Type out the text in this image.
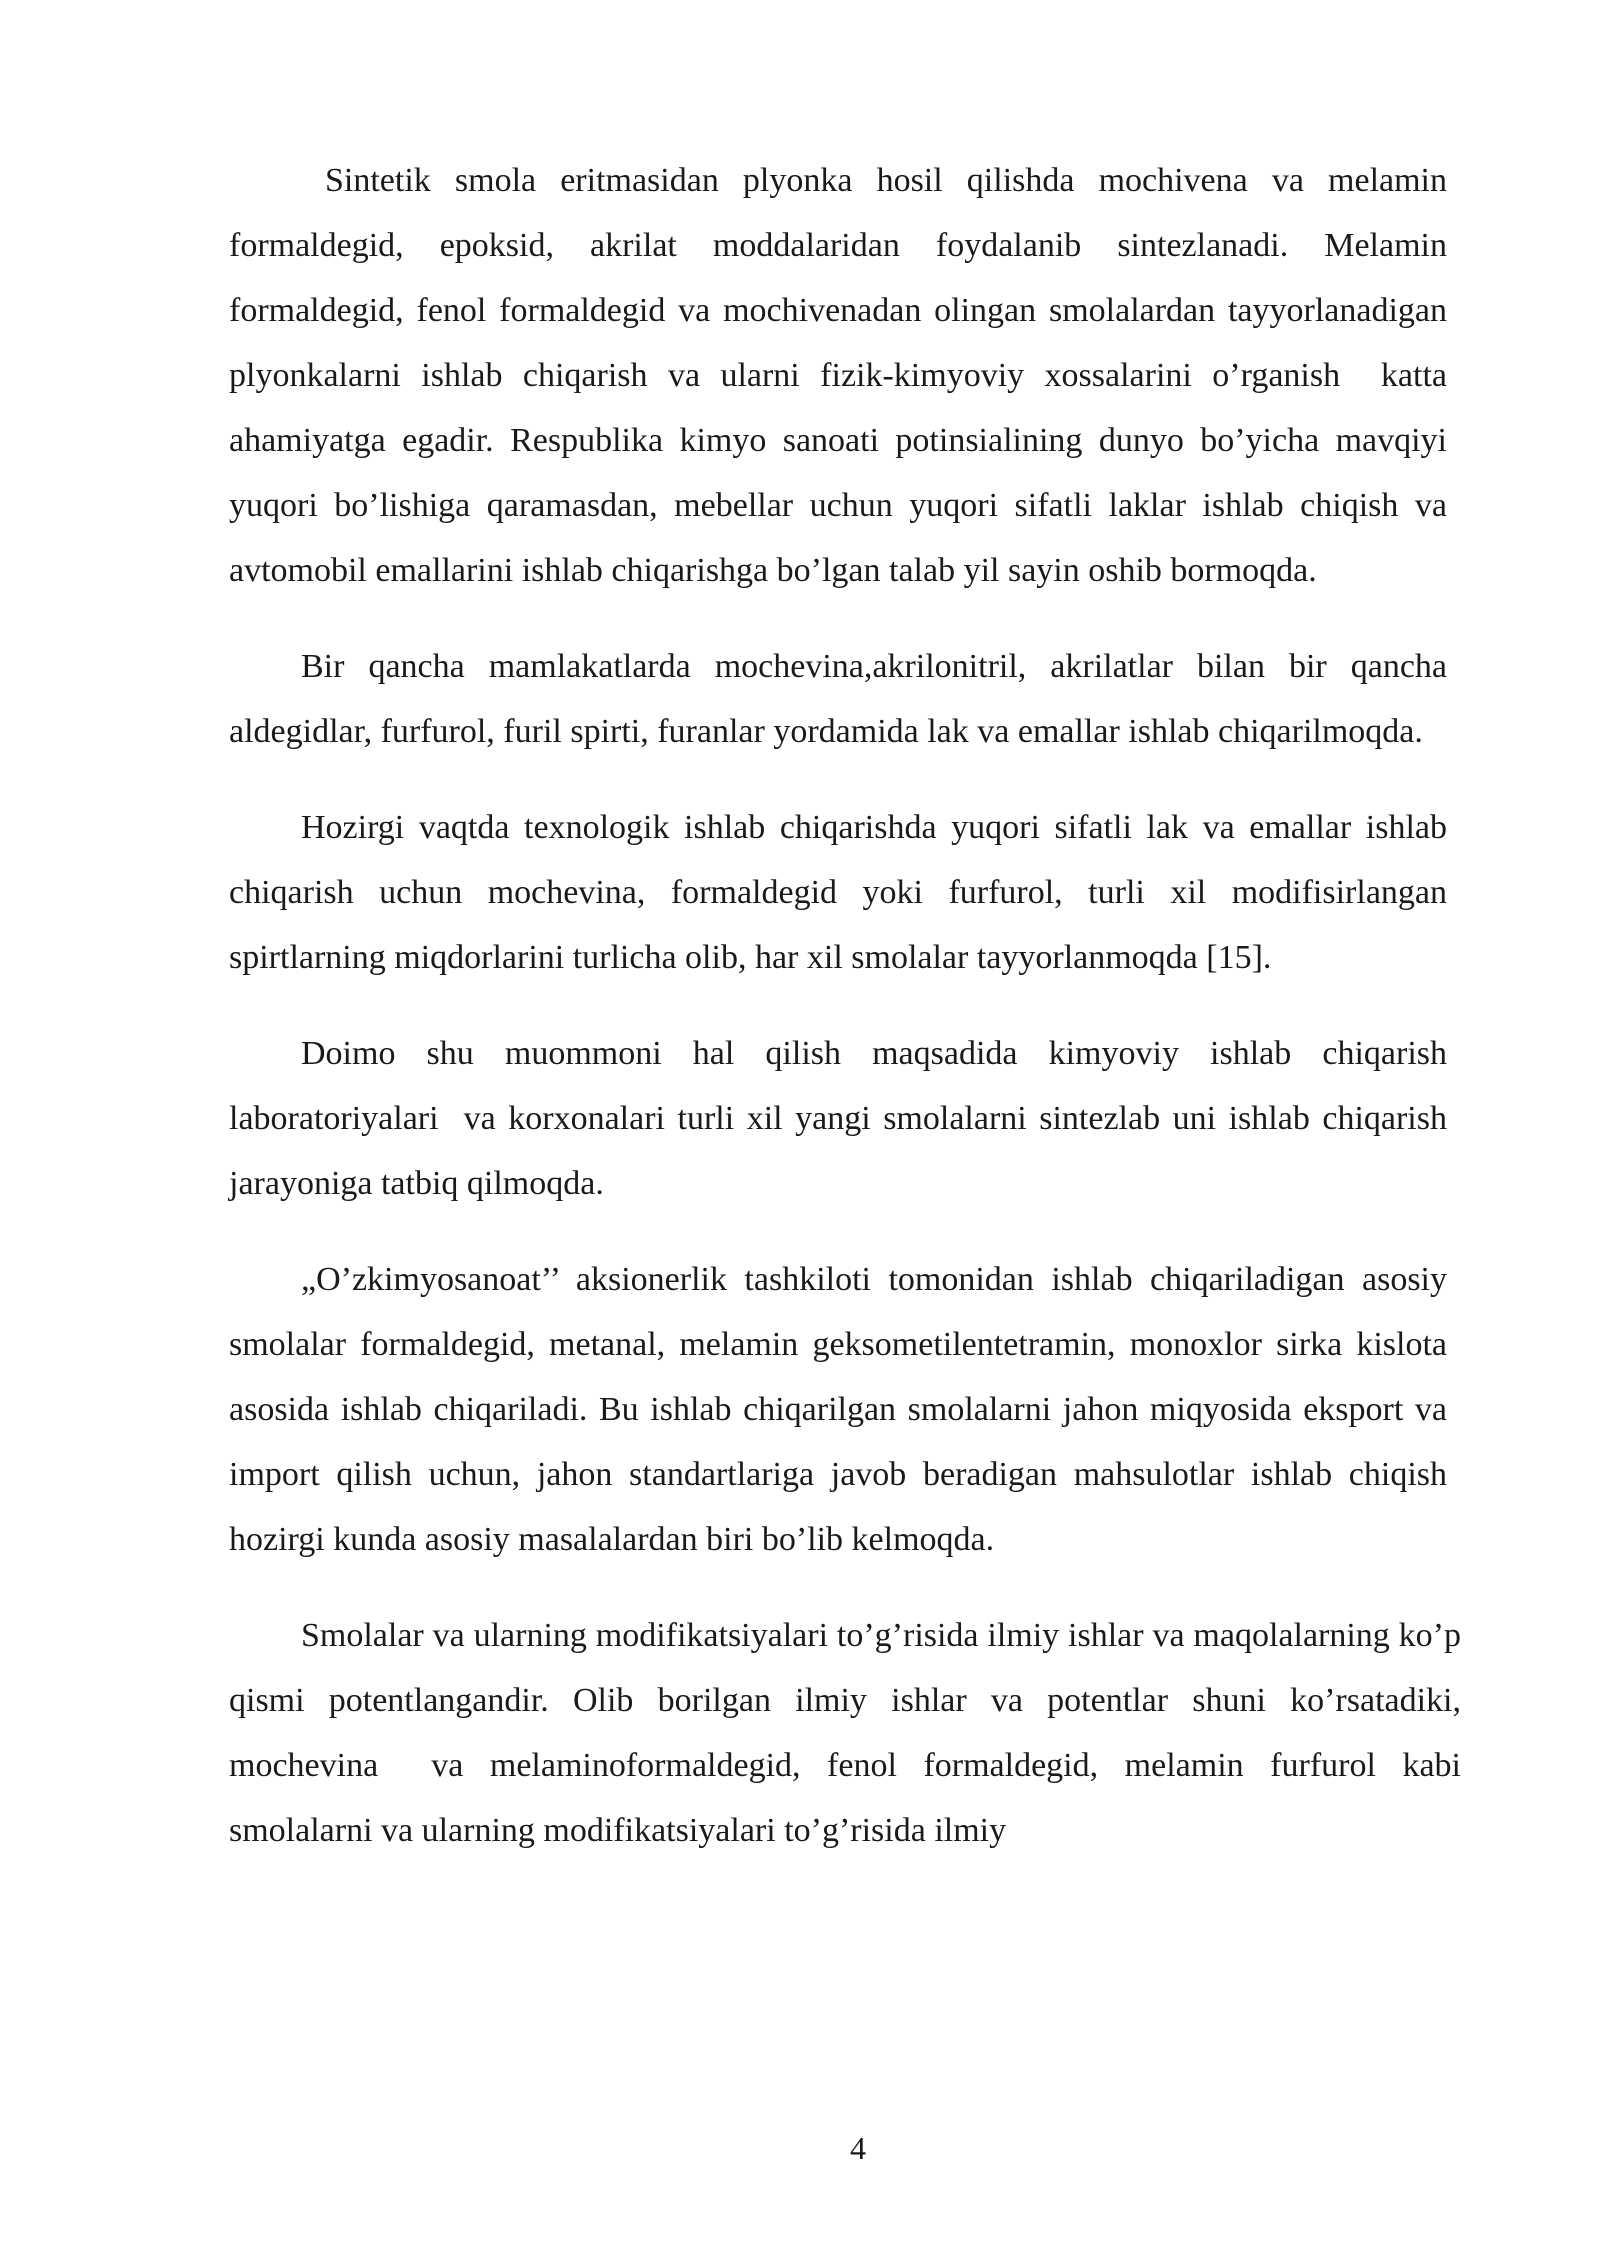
Sintetik smola eritmasidan plyonka hosil qilishda mochivena va melamin formaldegid, epoksid, akrilat moddalaridan foydalanib sintezlanadi. Melamin formaldegid, fenol formaldegid va mochivenadan olingan smolalardan tayyorlanadigan plyonkalarni ishlab chiqarish va ularni fizik-kimyoviy xossalarini o’rganish  katta ahamiyatga egadir. Respublika kimyo sanoati potinsialining dunyo bo’yicha mavqiyi yuqori bo’lishiga qaramasdan, mebellar uchun yuqori sifatli laklar ishlab chiqish va avtomobil emallarini ishlab chiqarishga bo’lgan talab yil sayin oshib bormoqda.

Bir qancha mamlakatlarda mochevina,akrilonitril, akrilatlar bilan bir qancha aldegidlar, furfurol, furil spirti, furanlar yordamida lak va emallar ishlab chiqarilmoqda.

Hozirgi vaqtda texnologik ishlab chiqarishda yuqori sifatli lak va emallar ishlab chiqarish uchun mochevina, formaldegid yoki furfurol, turli xil modifisirlangan spirtlarning miqdorlarini turlicha olib, har xil smolalar tayyorlanmoqda [15].

Doimo shu muommoni hal qilish maqsadida kimyoviy ishlab chiqarish laboratoriyalari  va korxonalari turli xil yangi smolalarni sintezlab uni ishlab chiqarish jarayoniga tatbiq qilmoqda.

„O’zkimyosanoat’’ aksionerlik tashkiloti tomonidan ishlab chiqariladigan asosiy smolalar formaldegid, metanal, melamin geksometilentetramin, monoxlor sirka kislota asosida ishlab chiqariladi. Bu ishlab chiqarilgan smolalarni jahon miqyosida eksport va import qilish uchun, jahon standartlariga javob beradigan mahsulotlar ishlab chiqish hozirgi kunda asosiy masalalardan biri bo’lib kelmoqda.

Smolalar va ularning modifikatsiyalari to’g’risida ilmiy ishlar va maqolalarning ko’p qismi potentlangandir. Olib borilgan ilmiy ishlar va potentlar shuni ko’rsatadiki, mochevina  va melaminoformaldegid, fenol formaldegid, melamin furfurol kabi smolalarni va ularning modifikatsiyalari to’g’risida ilmiy

4
